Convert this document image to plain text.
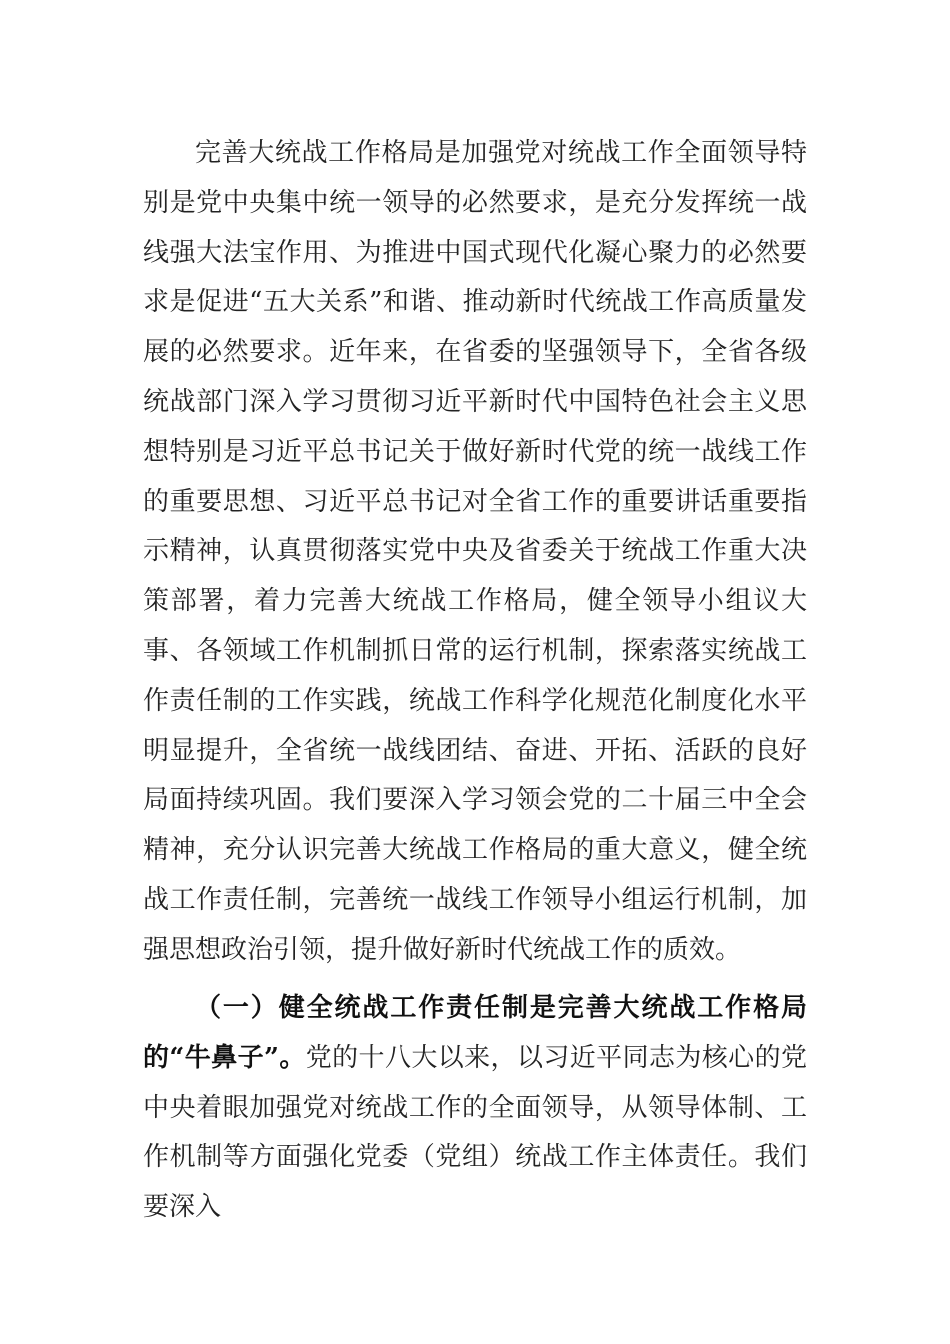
完善大统战工作格局是加强党对统战工作全面领导特别是党中央集中统一领导的必然要求，是充分发挥统一战线强大法宝作用、为推进中国式现代化凝心聚力的必然要求是促进“五大关系”和谐、推动新时代统战工作高质量发展的必然要求。近年来，在省委的坚强领导下，全省各级统战部门深入学习贯彻习近平新时代中国特色社会主义思想特别是习近平总书记关于做好新时代党的统一战线工作的重要思想、习近平总书记对全省工作的重要讲话重要指示精神，认真贯彻落实党中央及省委关于统战工作重大决策部署，着力完善大统战工作格局，健全领导小组议大事、各领域工作机制抓日常的运行机制，探索落实统战工作责任制的工作实践，统战工作科学化规范化制度化水平明显提升，全省统一战线团结、奋进、开拓、活跃的良好局面持续巩固。我们要深入学习领会党的二十届三中全会精神，充分认识完善大统战工作格局的重大意义，健全统战工作责任制，完善统一战线工作领导小组运行机制，加强思想政治引领，提升做好新时代统战工作的质效。

（一）健全统战工作责任制是完善大统战工作格局的“牛鼻子”。党的十八大以来，以习近平同志为核心的党中央着眼加强党对统战工作的全面领导，从领导体制、工作机制等方面强化党委（党组）统战工作主体责任。我们要深入
